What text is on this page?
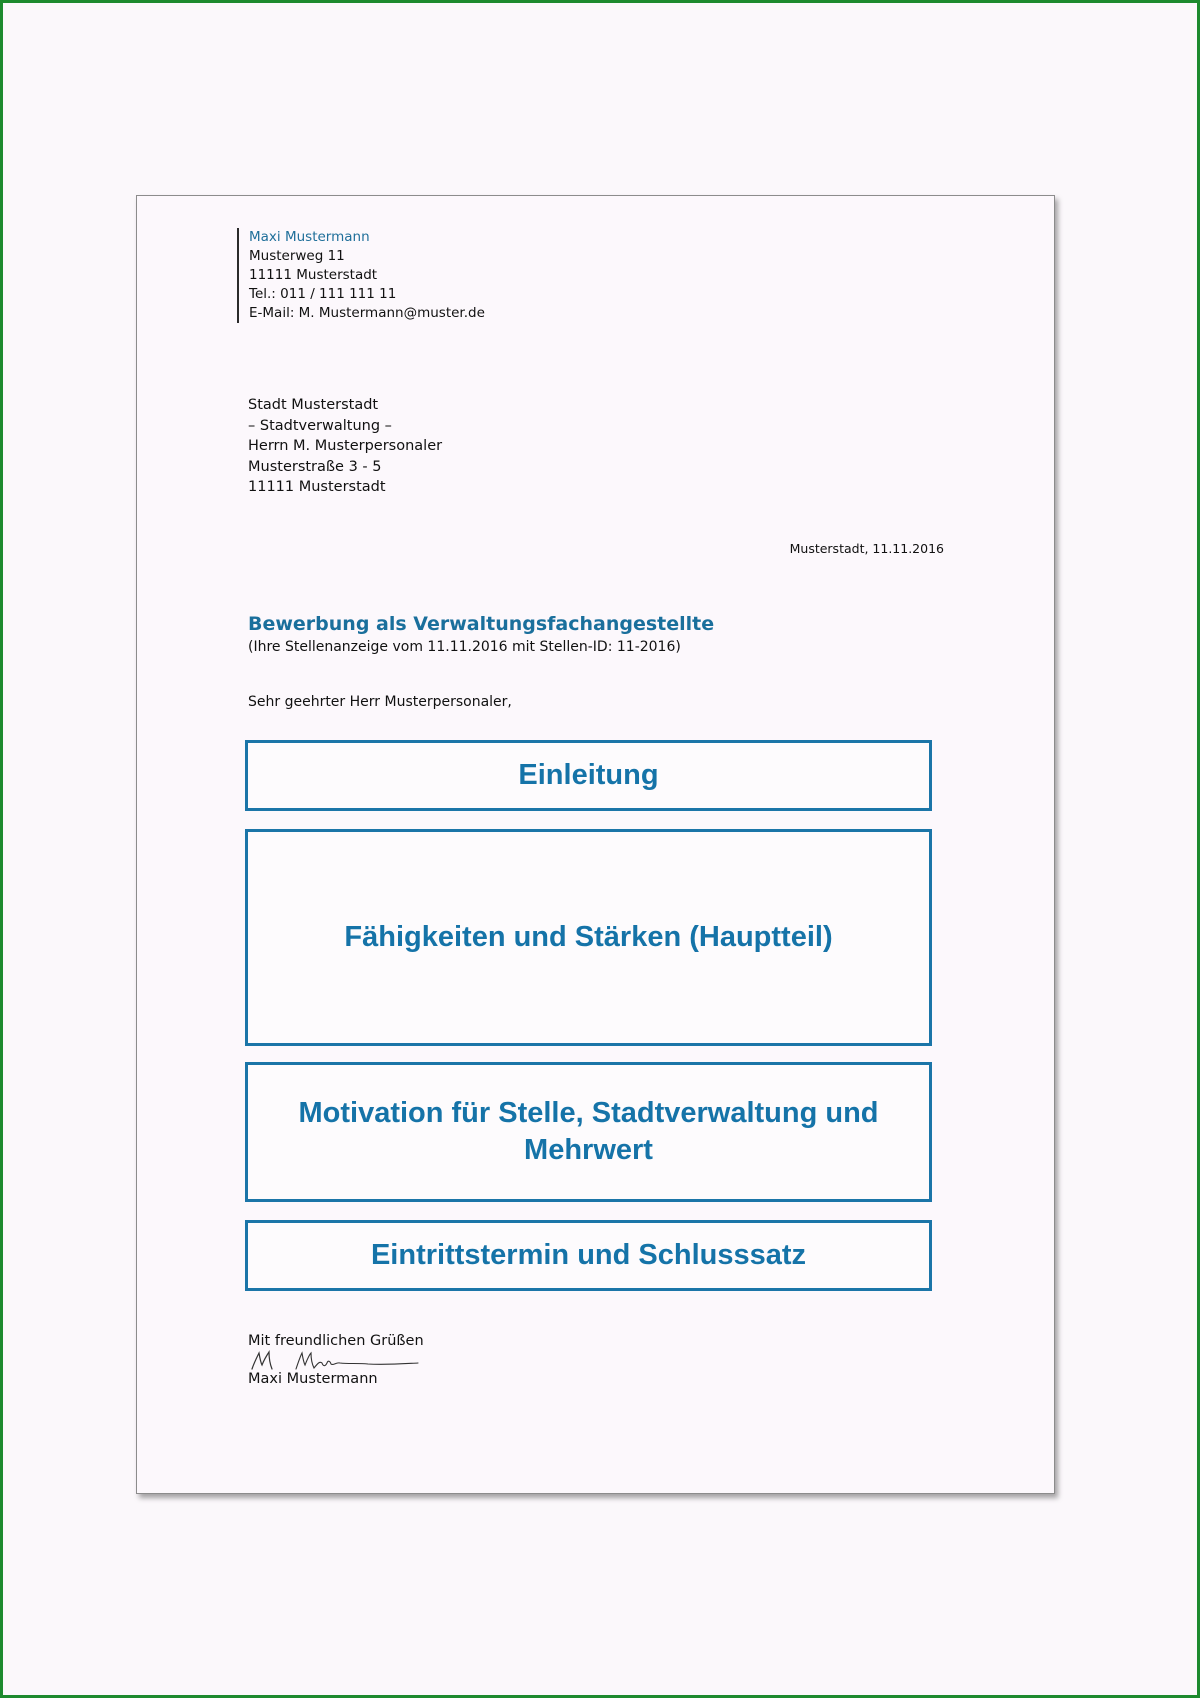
Maxi Mustermann
Musterweg 11
11111 Musterstadt
Tel.: 011 / 111 111 11
E-Mail: M. Mustermann@muster.de
Stadt Musterstadt
– Stadtverwaltung –
Herrn M. Musterpersonaler
Musterstraße 3 - 5
11111 Musterstadt
Musterstadt, 11.11.2016
Bewerbung als Verwaltungsfachangestellte
(Ihre Stellenanzeige vom 11.11.2016 mit Stellen-ID: 11-2016)
Sehr geehrter Herr Musterpersonaler,
Einleitung
Fähigkeiten und Stärken (Hauptteil)
Motivation für Stelle, Stadtverwaltung und Mehrwert
Eintrittstermin und Schlusssatz
Mit freundlichen Grüßen
Maxi Mustermann
